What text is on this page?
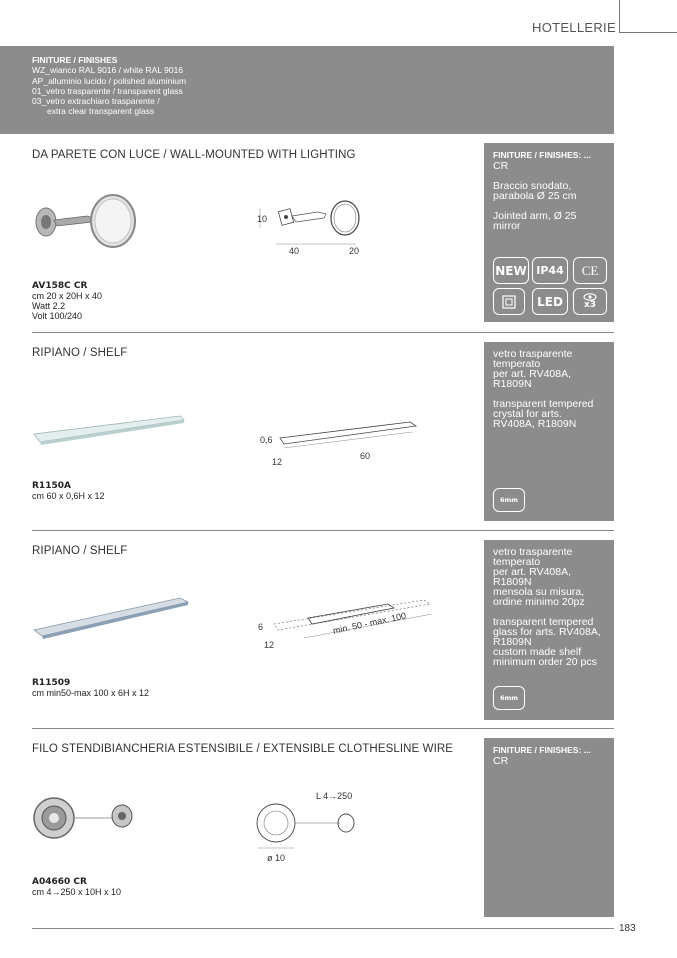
HOTELLERIE
FINITURE / FINISHES
WZ_wianco RAL 9016 / white RAL 9016
AP_alluminio lucido / polished aluminium
01_vetro trasparente / transparent glass
03_vetro extrachiaro trasparente /
extra clear transparent glass
DA PARETE CON LUCE / WALL-MOUNTED WITH LIGHTING
10
40	20
AV158C CR
cm 20 x 20H x 40
Watt 2.2
Volt 100/240
FINITURE / FINISHES: ...
CR

Braccio snodato,
parabola Ø 25 cm

Jointed arm, Ø 25
mirror
NEW IP44	CE
LED	x3
RIPIANO / SHELF
0,6
12
60
R1150A
cm 60 x 0,6H x 12
vetro trasparente
temperato
per art. RV408A,
R1809N

transparent tempered
crystal for arts.
RV408A, R1809N
6mm
RIPIANO / SHELF
6
12
min. 50 - max. 100
R11509
cm min50-max 100 x 6H x 12
vetro trasparente
temperato
per art. RV408A,
R1809N
mensola su misura,
ordine minimo 20pz

transparent tempered
glass for arts. RV408A,
R1809N
custom made shelf
minimum order 20 pcs
6mm
FILO STENDIBIANCHERIA ESTENSIBILE / EXTENSIBLE CLOTHESLINE WIRE
L 4→250
ø 10
A04660 CR
cm 4→250 x 10H x 10
FINITURE / FINISHES: ...
CR
183
